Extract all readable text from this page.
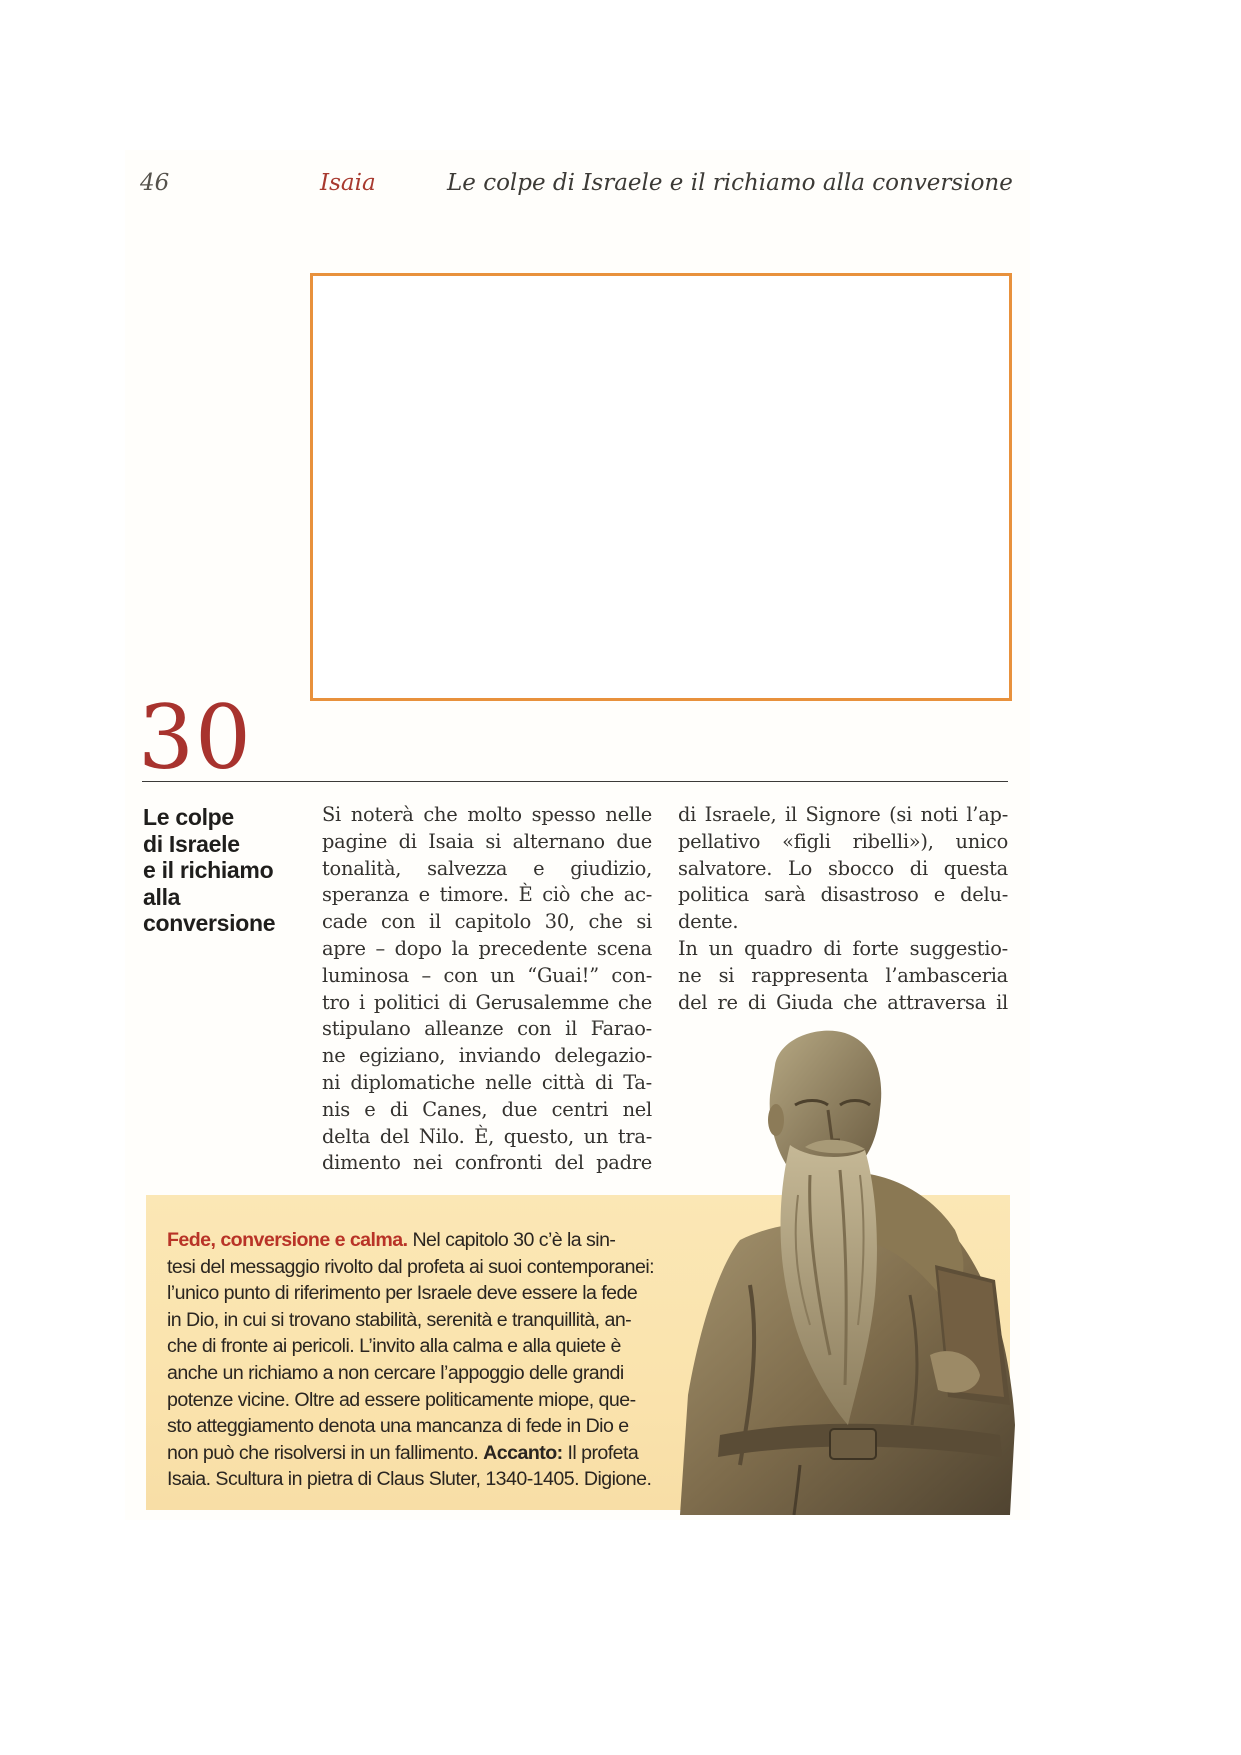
46	Isaia	Le colpe di Israele e il richiamo alla conversione
30
Le colpe
di Israele
e il richiamo
alla
conversione
Si noterà che molto spesso nelle
pagine di Isaia si alternano due
tonalità, salvezza e giudizio,
speranza e timore. È ciò che ac-
cade con il capitolo 30, che si
apre – dopo la precedente scena
luminosa – con un “Guai!” con-
tro i politici di Gerusalemme che
stipulano alleanze con il Farao-
ne egiziano, inviando delegazio-
ni diplomatiche nelle città di Ta-
nis e di Canes, due centri nel
delta del Nilo. È, questo, un tra-
dimento nei confronti del padre
di Israele, il Signore (si noti l’ap-
pellativo «figli ribelli»), unico
salvatore. Lo sbocco di questa
politica sarà disastroso e delu-
dente.
In un quadro di forte suggestio-
ne si rappresenta l’ambasceria
del re di Giuda che attraversa il
Fede, conversione e calma. Nel capitolo 30 c’è la sin-
tesi del messaggio rivolto dal profeta ai suoi contemporanei:
l’unico punto di riferimento per Israele deve essere la fede
in Dio, in cui si trovano stabilità, serenità e tranquillità, an-
che di fronte ai pericoli. L’invito alla calma e alla quiete è
anche un richiamo a non cercare l’appoggio delle grandi
potenze vicine. Oltre ad essere politicamente miope, que-
sto atteggiamento denota una mancanza di fede in Dio e
non può che risolversi in un fallimento. Accanto: Il profeta
Isaia. Scultura in pietra di Claus Sluter, 1340-1405. Digione.
